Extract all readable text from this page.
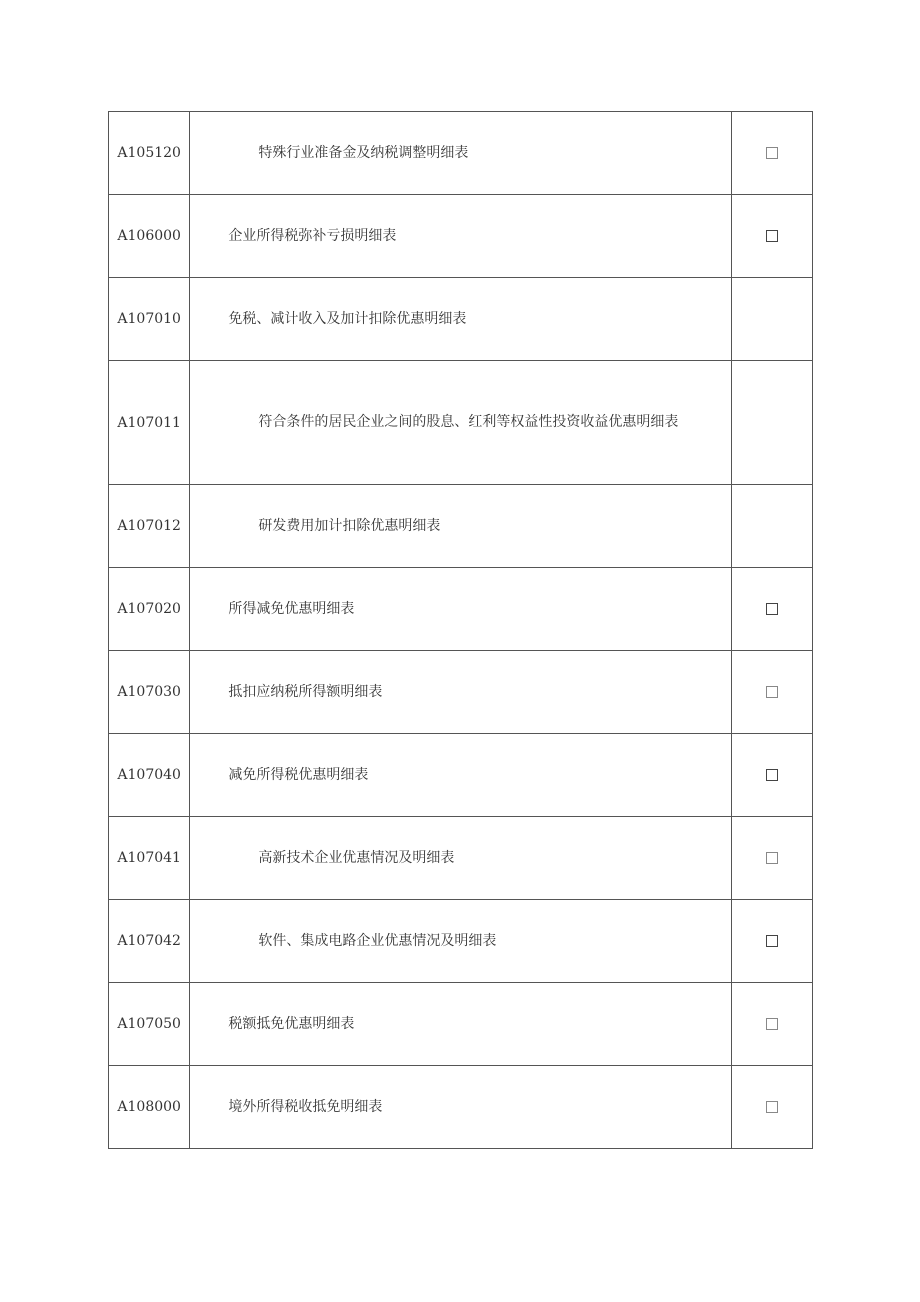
A105120	特殊行业准备金及纳税调整明细表	

A106000	企业所得税弥补亏损明细表	

A107010	免税、减计收入及加计扣除优惠明细表	

A107011	符合条件的居民企业之间的股息、红利等权益性投资收益优惠明细表	

A107012	研发费用加计扣除优惠明细表	

A107020	所得减免优惠明细表	

A107030	抵扣应纳税所得额明细表	

A107040	减免所得税优惠明细表	

A107041	高新技术企业优惠情况及明细表	

A107042	软件、集成电路企业优惠情况及明细表	

A107050	税额抵免优惠明细表	

A108000	境外所得税收抵免明细表	
